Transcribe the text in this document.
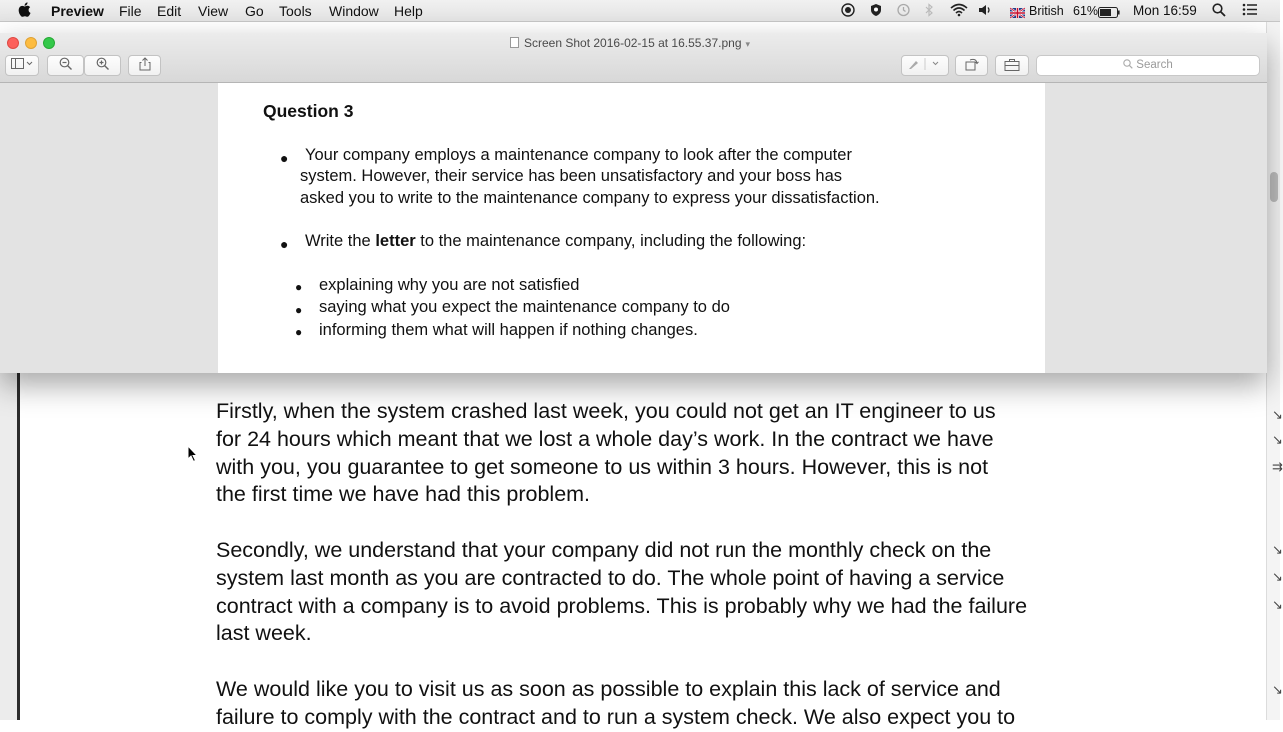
Preview File Edit View Go Tools Window Help	British 61%	Mon 16:59
Firstly, when the system crashed last week, you could not get an IT engineer to us
for 24 hours which meant that we lost a whole day’s work. In the contract we have
with you, you guarantee to get someone to us within 3 hours. However, this is not
the first time we have had this problem.
Secondly, we understand that your company did not run the monthly check on the
system last month as you are contracted to do. The whole point of having a service
contract with a company is to avoid problems. This is probably why we had the failure
last week.
We would like you to visit us as soon as possible to explain this lack of service and
failure to comply with the contract and to run a system check. We also expect you to
↘
↘
⇉
↘
↘
↘
↘
Screen Shot 2016-02-15 at 16.55.37.png ▾
Search
Question 3
● Your company employs a maintenance company to look after the computer
system. However, their service has been unsatisfactory and your boss has
asked you to write to the maintenance company to express your dissatisfaction.
● Write the letter to the maintenance company, including the following:
● explaining why you are not satisfied
● saying what you expect the maintenance company to do
● informing them what will happen if nothing changes.
